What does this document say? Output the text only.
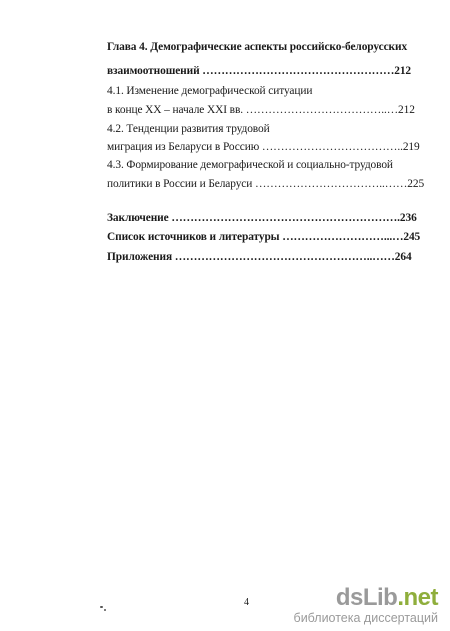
Глава 4. Демографические аспекты российско-белорусских
взаимоотношений ……………………………………………212
4.1. Изменение демографической ситуации
в конце XX – начале XXI вв. ………………………………..…212
4.2. Тенденции развития трудовой
миграция из Беларуси в Россию ………………………………..219
4.3. Формирование демографической и социально-трудовой
политики в России и Беларуси ……………………………..……225
Заключение …………………………………………………….236
Список источников и литературы ………………………...…245
Приложения ……………………………………………..……264
4	dsLib.net
библиотека диссертаций
